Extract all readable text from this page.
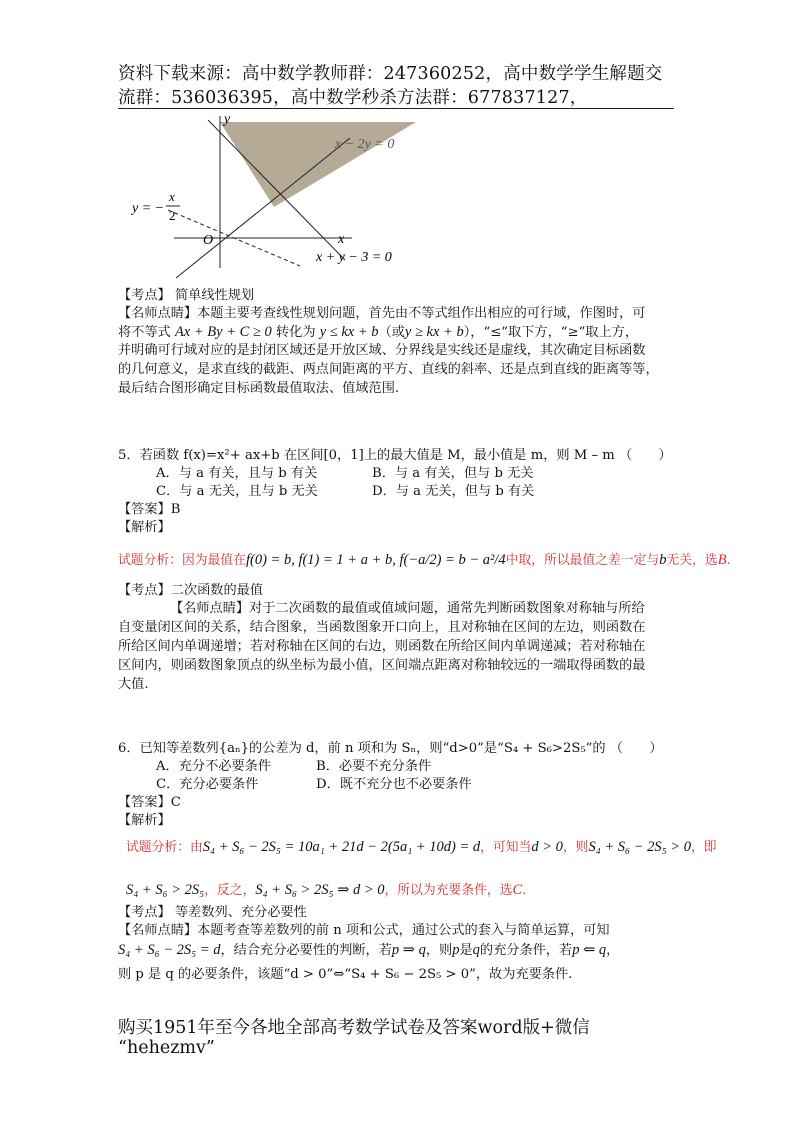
资料下载来源：高中数学教师群：247360252，高中数学学生解题交
流群：536036395，高中数学秒杀方法群：677837127，
y
x
O
x − 2y = 0
x + y − 3 = 0
y = −
x
2
【考点】 简单线性规划
【名师点睛】本题主要考查线性规划问题，首先由不等式组作出相应的可行域，作图时，可
将不等式 Ax + By + C ≥ 0 转化为 y ≤ kx + b（或y ≥ kx + b），“≤”取下方，“≥”取上方，
并明确可行域对应的是封闭区域还是开放区域、分界线是实线还是虚线，其次确定目标函数
的几何意义，是求直线的截距、两点间距离的平方、直线的斜率、还是点到直线的距离等等，
最后结合图形确定目标函数最值取法、值域范围.
5．若函数 f(x)=x²+ ax+b 在区间[0，1]上的最大值是 M，最小值是 m，则 M – m （　　）
A．与 a 有关，且与 b 有关	B．与 a 有关，但与 b 无关
C．与 a 无关，且与 b 无关	D．与 a 无关，但与 b 有关
【答案】B
【解析】
试题分析：因为最值在f(0) = b, f(1) = 1 + a + b, f(−a/2) = b − a²/4中取，所以最值之差一定与b无关，选B.
【考点】二次函数的最值
【名师点睛】对于二次函数的最值或值域问题，通常先判断函数图象对称轴与所给
自变量闭区间的关系，结合图象，当函数图象开口向上，且对称轴在区间的左边，则函数在
所给区间内单调递增；若对称轴在区间的右边，则函数在所给区间内单调递减；若对称轴在
区间内，则函数图象顶点的纵坐标为最小值，区间端点距离对称轴较远的一端取得函数的最
大值.
6．已知等差数列{aₙ}的公差为 d，前 n 项和为 Sₙ，则“d>0”是“S₄ + S₆>2S₅”的 （　　）
A．充分不必要条件	B．必要不充分条件
C．充分必要条件	D．既不充分也不必要条件
【答案】C
【解析】
试题分析：由S₄ + S₆ − 2S₅ = 10a₁ + 21d − 2(5a₁ + 10d) = d，可知当d > 0，则S₄ + S₆ − 2S₅ > 0，即
S₄ + S₆ > 2S₅，反之，S₄ + S₆ > 2S₅ ⇒ d > 0，所以为充要条件，选C.
【考点】 等差数列、充分必要性
【名师点睛】本题考查等差数列的前 n 项和公式，通过公式的套入与简单运算，可知
S₄ + S₆ − 2S₅ = d，结合充分必要性的判断，若p ⇒ q，则p是q的充分条件，若p ⇐ q，
则 p 是 q 的必要条件，该题“d > 0”⇔“S₄ + S₆ − 2S₅ > 0”，故为充要条件.
购买1951年至今各地全部高考数学试卷及答案word版+微信
“hehezmv”
